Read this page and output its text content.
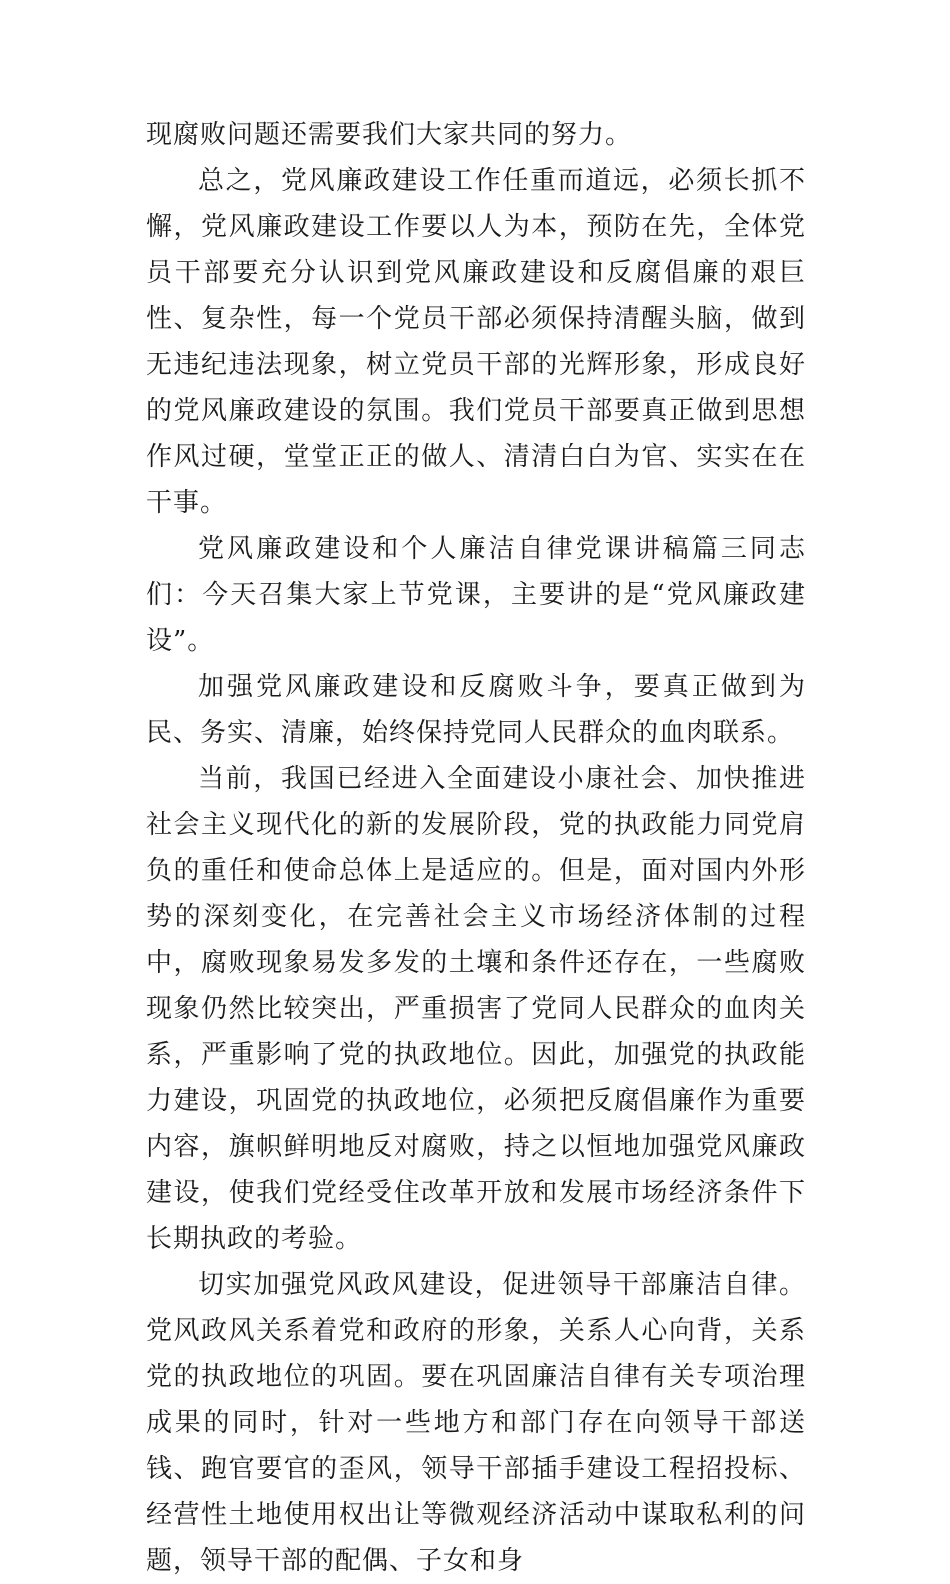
现腐败问题还需要我们大家共同的努力。

总之，党风廉政建设工作任重而道远，必须长抓不懈，党风廉政建设工作要以人为本，预防在先，全体党员干部要充分认识到党风廉政建设和反腐倡廉的艰巨性、复杂性，每一个党员干部必须保持清醒头脑，做到无违纪违法现象，树立党员干部的光辉形象，形成良好的党风廉政建设的氛围。我们党员干部要真正做到思想作风过硬，堂堂正正的做人、清清白白为官、实实在在干事。

党风廉政建设和个人廉洁自律党课讲稿篇三同志们：今天召集大家上节党课，主要讲的是“党风廉政建设”。

加强党风廉政建设和反腐败斗争，要真正做到为民、务实、清廉，始终保持党同人民群众的血肉联系。

当前，我国已经进入全面建设小康社会、加快推进社会主义现代化的新的发展阶段，党的执政能力同党肩负的重任和使命总体上是适应的。但是，面对国内外形势的深刻变化，在完善社会主义市场经济体制的过程中，腐败现象易发多发的土壤和条件还存在，一些腐败现象仍然比较突出，严重损害了党同人民群众的血肉关系，严重影响了党的执政地位。因此，加强党的执政能力建设，巩固党的执政地位，必须把反腐倡廉作为重要内容，旗帜鲜明地反对腐败，持之以恒地加强党风廉政建设，使我们党经受住改革开放和发展市场经济条件下长期执政的考验。

切实加强党风政风建设，促进领导干部廉洁自律。党风政风关系着党和政府的形象，关系人心向背，关系党的执政地位的巩固。要在巩固廉洁自律有关专项治理成果的同时，针对一些地方和部门存在向领导干部送钱、跑官要官的歪风，领导干部插手建设工程招投标、经营性土地使用权出让等微观经济活动中谋取私利的问题，领导干部的配偶、子女和身
